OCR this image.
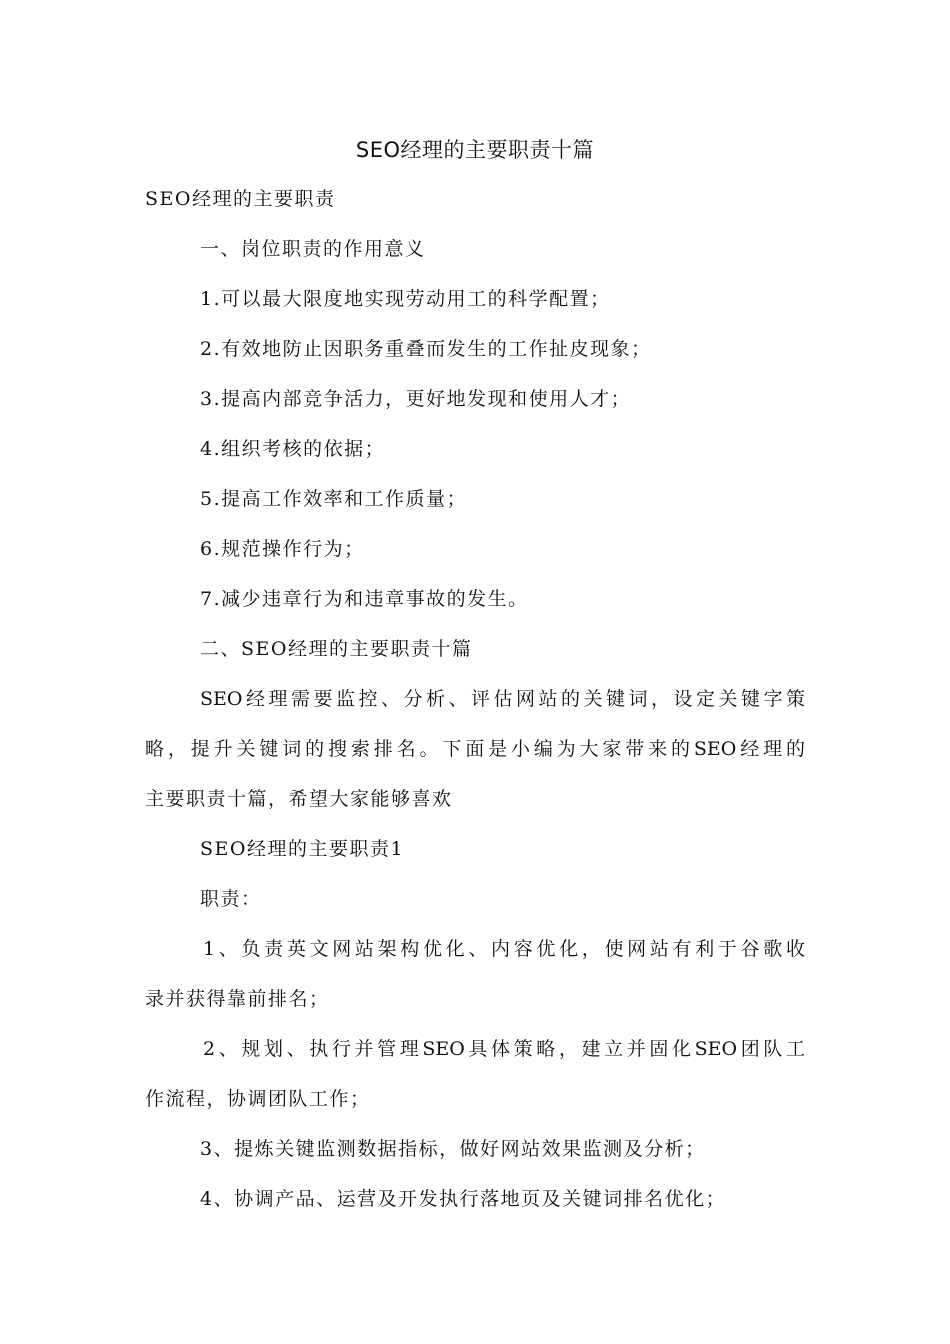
SEO经理的主要职责十篇
SEO经理的主要职责
一、岗位职责的作用意义
1.可以最大限度地实现劳动用工的科学配置；
2.有效地防止因职务重叠而发生的工作扯皮现象；
3.提高内部竞争活力，更好地发现和使用人才；
4.组织考核的依据；
5.提高工作效率和工作质量；
6.规范操作行为；
7.减少违章行为和违章事故的发生。
二、SEO经理的主要职责十篇
SEO经理需要监控、分析、评估网站的关键词，设定关键字策
略，提升关键词的搜索排名。下面是小编为大家带来的SEO经理的
主要职责十篇，希望大家能够喜欢
SEO经理的主要职责1
职责：
1、负责英文网站架构优化、内容优化，使网站有利于谷歌收
录并获得靠前排名；
2、规划、执行并管理SEO具体策略，建立并固化SEO团队工
作流程，协调团队工作；
3、提炼关键监测数据指标，做好网站效果监测及分析；
4、协调产品、运营及开发执行落地页及关键词排名优化；
